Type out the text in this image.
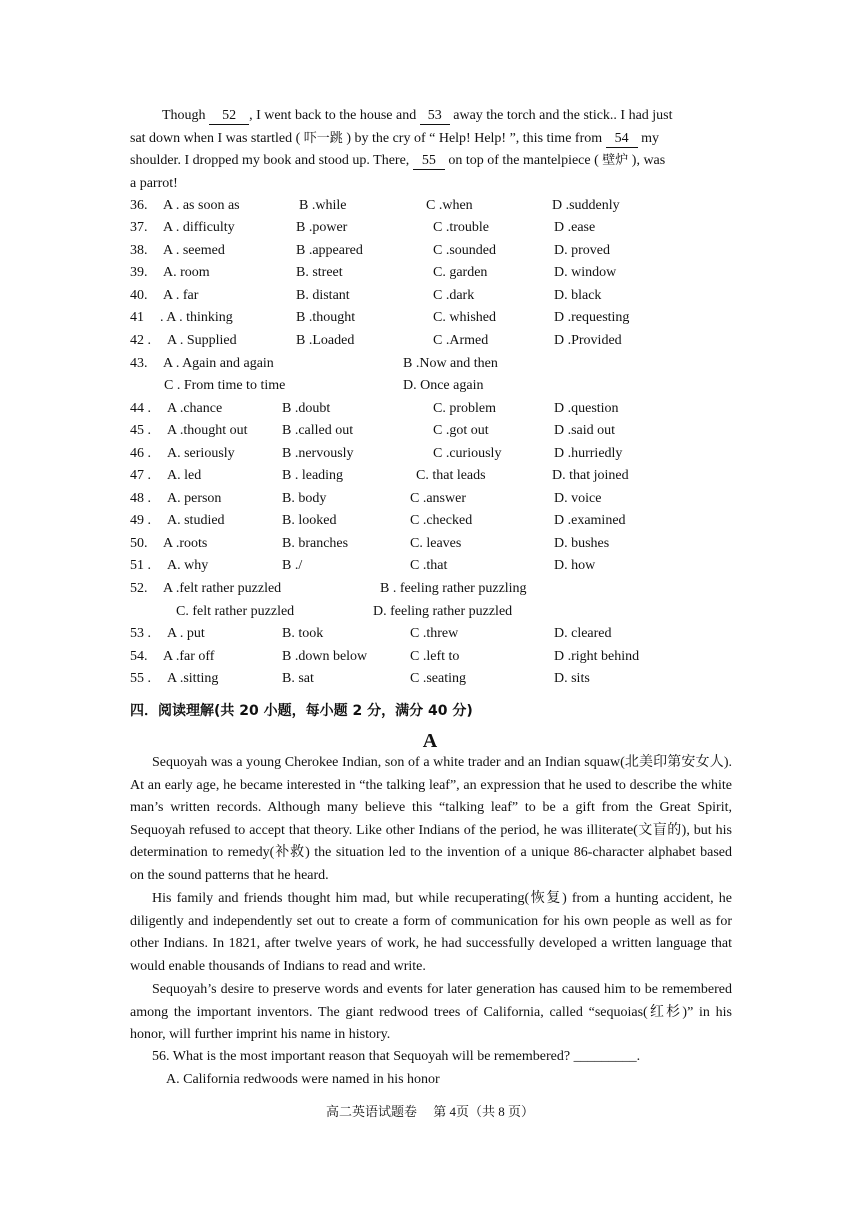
Though 52 , I went back to the house and 53 away the torch and the stick.. I had just
sat down when I was startled ( 吓一跳 ) by the cry of “ Help! Help! ”, this time from 54 my
shoulder. I dropped my book and stood up. There, 55 on top of the mantelpiece ( 壁炉 ), was
a parrot!
36. A . as soon as	B .while	C .when	D .suddenly
37. A . difficulty	B .power	C .trouble	D .ease
38. A . seemed	B .appeared	C .sounded	D. proved
39. A. room	B. street	C. garden	D. window
40. A . far	B. distant	C .dark	D. black
41 . A . thinking	B .thought	C. whished	D .requesting
42 . A . Supplied	B .Loaded	C .Armed	D .Provided
43. A . Again and again	B .Now and then
C . From time to time	D. Once again
44 . A .chance	B .doubt	C. problem	D .question
45 . A .thought out B .called out	C .got out	D .said out
46 . A. seriously	B .nervously	C .curiously	D .hurriedly
47 . A. led	B . leading	C. that leads	D. that joined
48 . A. person	B. body	C .answer	D. voice
49 . A. studied	B. looked	C .checked	D .examined
50. A .roots	B. branches	C. leaves	D. bushes
51 . A. why	B ./	C .that	D. how
52. A .felt rather puzzled	B . feeling rather puzzling
C. felt rather puzzled	D. feeling rather puzzled
53 . A . put	B. took	C .threw	D. cleared
54. A .far off	B .down below	C .left to	D .right behind
55 . A .sitting	B. sat	C .seating	D. sits
四．阅读理解(共 20 小题，每小题 2 分，满分 40 分)
A
Sequoyah was a young Cherokee Indian, son of a white trader and an Indian squaw(北美印第安女人). At an early age, he became interested in “the talking leaf”, an expression that he used to describe the white man’s written records. Although many believe this “talking leaf” to be a gift from the Great Spirit, Sequoyah refused to accept that theory. Like other Indians of the period, he was illiterate(文盲的), but his determination to remedy(补救) the situation led to the invention of a unique 86-character alphabet based on the sound patterns that he heard.
His family and friends thought him mad, but while recuperating(恢复) from a hunting accident, he diligently and independently set out to create a form of communication for his own people as well as for other Indians. In 1821, after twelve years of work, he had successfully developed a written language that would enable thousands of Indians to read and write.
Sequoyah’s desire to preserve words and events for later generation has caused him to be remembered among the important inventors. The giant redwood trees of California, called “sequoias(红杉)” in his honor, will further imprint his name in history.
56. What is the most important reason that Sequoyah will be remembered? _________.
A. California redwoods were named in his honor
高二英语试题卷　 第 4页（共 8 页）
